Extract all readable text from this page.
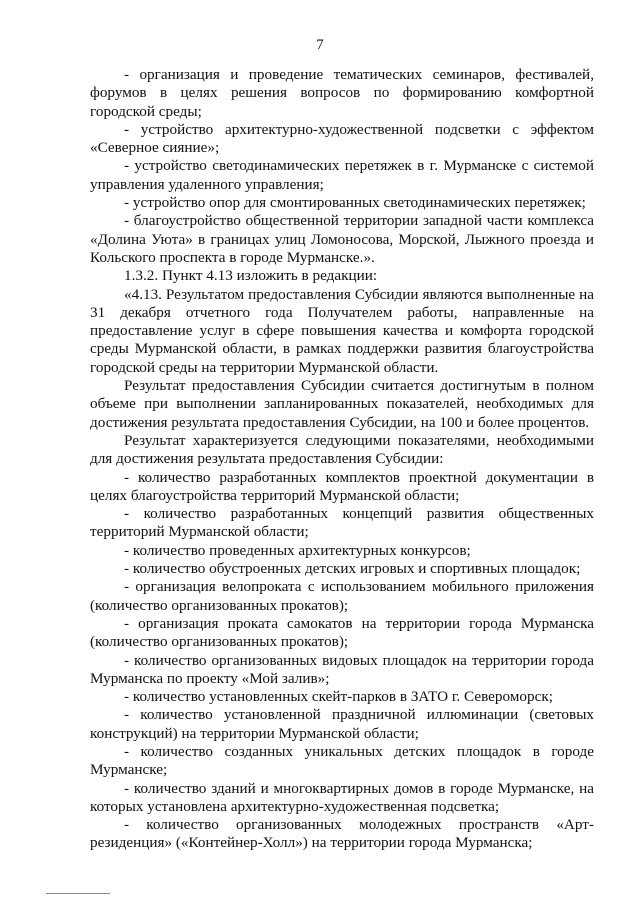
7

- организация и проведение тематических семинаров, фестивалей, форумов в целях решения вопросов по формированию комфортной городской среды;

- устройство архитектурно-художественной подсветки с эффектом «Северное сияние»;

- устройство светодинамических перетяжек в г. Мурманске с системой управления удаленного управления;

- устройство опор для смонтированных светодинамических перетяжек;

- благоустройство общественной территории западной части комплекса «Долина Уюта» в границах улиц Ломоносова, Морской, Лыжного проезда и Кольского проспекта в городе Мурманске.».

1.3.2. Пункт 4.13 изложить в редакции:

«4.13. Результатом предоставления Субсидии являются выполненные на 31 декабря отчетного года Получателем работы, направленные на предоставление услуг в сфере повышения качества и комфорта городской среды Мурманской области, в рамках поддержки развития благоустройства городской среды на территории Мурманской области.

Результат предоставления Субсидии считается достигнутым в полном объеме при выполнении запланированных показателей, необходимых для достижения результата предоставления Субсидии, на 100 и более процентов.

Результат характеризуется следующими показателями, необходимыми для достижения результата предоставления Субсидии:

- количество разработанных комплектов проектной документации в целях благоустройства территорий Мурманской области;

- количество разработанных концепций развития общественных территорий Мурманской области;

- количество проведенных архитектурных конкурсов;

- количество обустроенных детских игровых и спортивных площадок;

- организация велопроката с использованием мобильного приложения (количество организованных прокатов);

- организация проката самокатов на территории города Мурманска (количество организованных прокатов);

- количество организованных видовых площадок на территории города Мурманска по проекту «Мой залив»;

- количество установленных скейт-парков в ЗАТО г. Североморск;

- количество установленной праздничной иллюминации (световых конструкций) на территории Мурманской области;

- количество созданных уникальных детских площадок в городе Мурманске;

- количество зданий и многоквартирных домов в городе Мурманске, на которых установлена архитектурно-художественная подсветка;

- количество организованных молодежных пространств «Арт-резиденция» («Контейнер-Холл») на территории города Мурманска;
